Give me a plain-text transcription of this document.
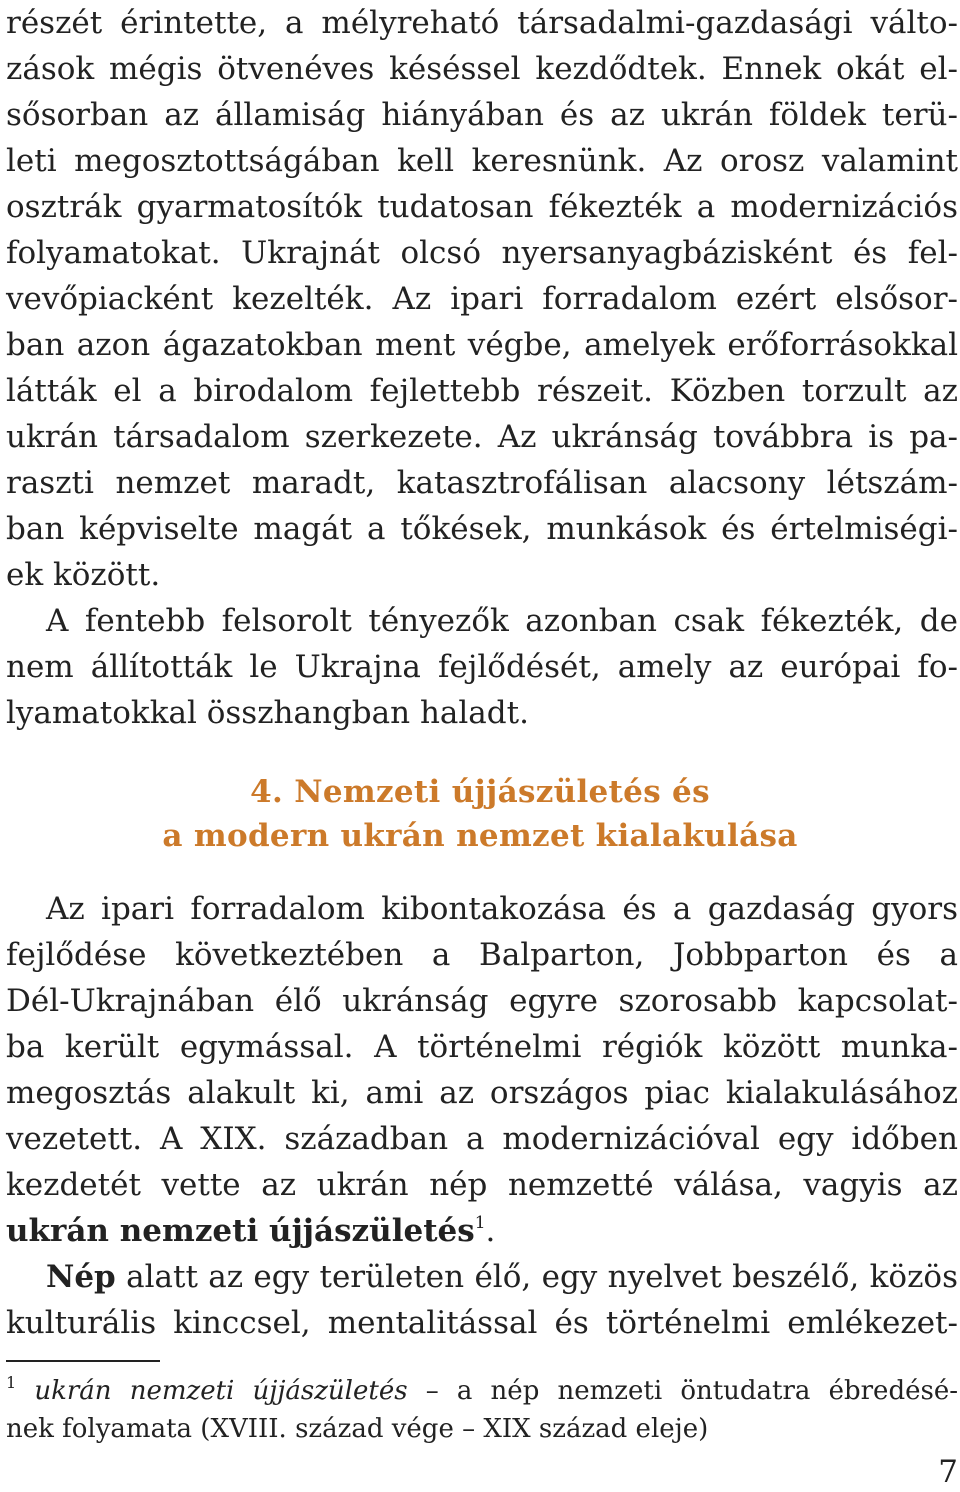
részét érintette, a mélyreható társadalmi-gazdasági válto-
zások mégis ötvenéves késéssel kezdődtek. Ennek okát el-
sősorban az államiság hiányában és az ukrán földek terü-
leti megosztottságában kell keresnünk. Az orosz valamint
osztrák gyarmatosítók tudatosan fékezték a modernizációs
folyamatokat. Ukrajnát olcsó nyersanyagbázisként és fel-
vevőpiacként kezelték. Az ipari forradalom ezért elsősor-
ban azon ágazatokban ment végbe, amelyek erőforrásokkal
látták el a birodalom fejlettebb részeit. Közben torzult az
ukrán társadalom szerkezete. Az ukránság továbbra is pa-
raszti nemzet maradt, katasztrofálisan alacsony létszám-
ban képviselte magát a tőkések, munkások és értelmiségi-
ek között.
A fentebb felsorolt tényezők azonban csak fékezték, de
nem állították le Ukrajna fejlődését, amely az európai fo-
lyamatokkal összhangban haladt.
4. Nemzeti újjászületés és
a modern ukrán nemzet kialakulása
Az ipari forradalom kibontakozása és a gazdaság gyors
fejlődése következtében a Balparton, Jobbparton és a
Dél-Ukrajnában élő ukránság egyre szorosabb kapcsolat-
ba került egymással. A történelmi régiók között munka-
megosztás alakult ki, ami az országos piac kialakulásához
vezetett. A XIX. században a modernizációval egy időben
kezdetét vette az ukrán nép nemzetté válása, vagyis az
ukrán nemzeti újjászületés$^1$.
Nép alatt az egy területen élő, egy nyelvet beszélő, közös
kulturális kinccsel, mentalitással és történelmi emlékezet-
$^1$ ukrán nemzeti újjászületés – a nép nemzeti öntudatra ébredésé-
nek folyamata (XVIII. század vége – XIX század eleje)
7
